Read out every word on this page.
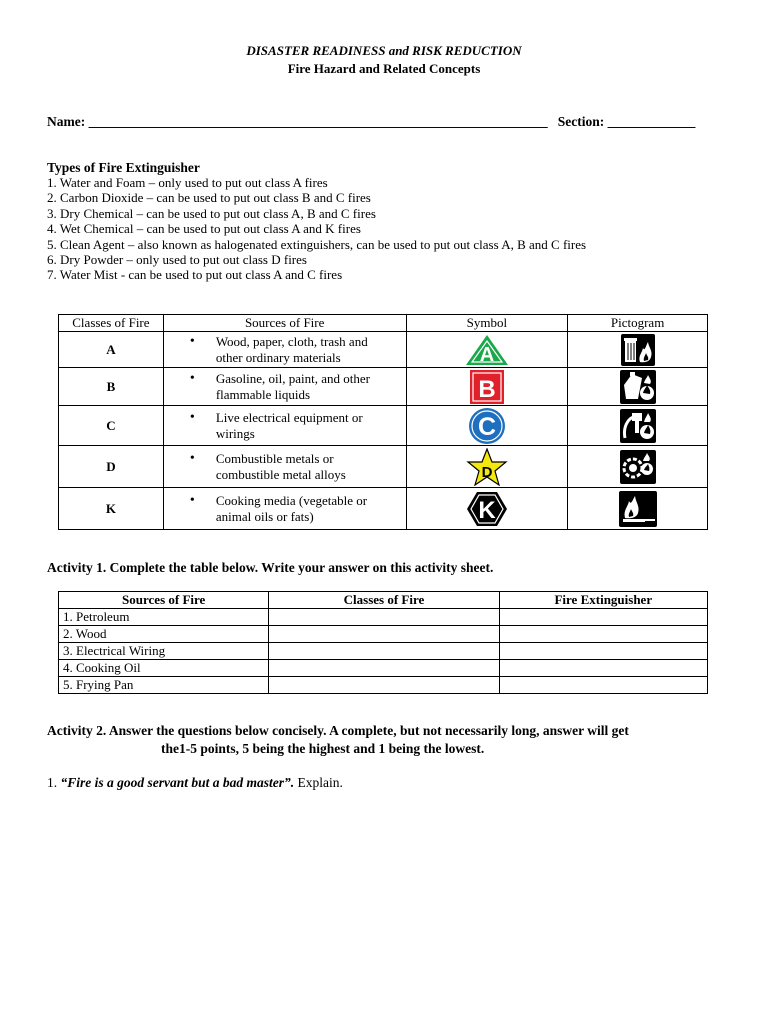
DISASTER READINESS and RISK REDUCTION
Fire Hazard and Related Concepts
Name: ____________________________________________________________________   Section: _____________
Types of Fire Extinguisher
1. Water and Foam – only used to put out class A fires
2. Carbon Dioxide – can be used to put out class B and C fires
3. Dry Chemical – can be used to put out class A, B and C fires
4. Wet Chemical – can be used to put out class A and K fires
5. Clean Agent – also known as halogenated extinguishers, can be used to put out class A, B and C fires
6. Dry Powder – only used to put out class D fires
7. Water Mist - can be used to put out class A and C fires
Classes of Fire	Sources of Fire	Symbol	Pictogram
A	• Wood, paper, cloth, trash and other ordinary materials	A

B	• Gasoline, oil, paint, and other flammable liquids	B

C	• Live electrical equipment or wirings	C

D	• Combustible metals or combustible metal alloys	D

K	• Cooking media (vegetable or animal oils or fats)	K

Activity 1. Complete the table below. Write your answer on this activity sheet.
Sources of Fire	Classes of Fire	Fire Extinguisher
1. Petroleum		
2. Wood		
3. Electrical Wiring		
4. Cooking Oil		
5. Frying Pan		
Activity 2. Answer the questions below concisely. A complete, but not necessarily long, answer will get
the1-5 points, 5 being the highest and 1 being the lowest.
1. “Fire is a good servant but a bad master”. Explain.
